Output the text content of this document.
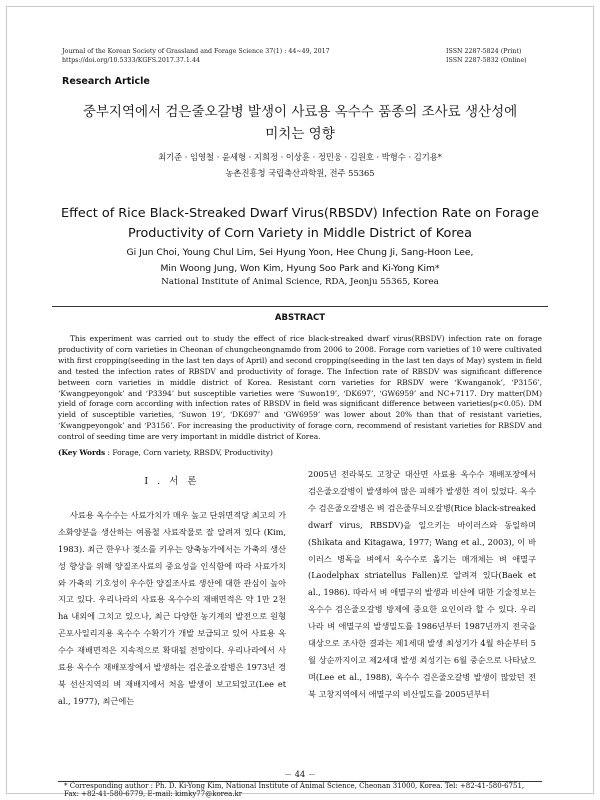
Journal of the Korean Society of Grassland and Forage Science 37(1) : 44~49, 2017
https://doi.org/10.5333/KGFS.2017.37.1.44
ISSN 2287-5824 (Print)
ISSN 2287-5832 (Online)
Research Article
중부지역에서 검은줄오갈병 발생이 사료용 옥수수 품종의 조사료 생산성에
미치는 영향
최기준 · 임영철 · 윤세형 · 지희정 · 이상훈 · 정민웅 · 김원호 · 박형수 · 김기용*
농촌진흥청 국립축산과학원, 전주 55365
Effect of Rice Black-Streaked Dwarf Virus(RBSDV) Infection Rate on Forage
Productivity of Corn Variety in Middle District of Korea
Gi Jun Choi, Young Chul Lim, Sei Hyung Yoon, Hee Chung Ji, Sang-Hoon Lee,
Min Woong Jung, Won Kim, Hyung Soo Park and Ki-Yong Kim*
National Institute of Animal Science, RDA, Jeonju 55365, Korea
ABSTRACT
This experiment was carried out to study the effect of rice black-streaked dwarf virus(RBSDV) infection rate on forage productivity of corn varieties in Cheonan of chungcheongnamdo from 2006 to 2008. Forage corn varieties of 10 were cultivated with first cropping(seeding in the last ten days of April) and second cropping(seeding in the last ten days of May) system in field and tested the infection rates of RBSDV and productivity of forage. The Infection rate of RBSDV was significant difference between corn varieties in middle district of Korea. Resistant corn varieties for RBSDV were ‘Kwanganok’, ‘P3156’, ‘Kwangpeyongok’ and ‘P3394’ but susceptible varieties were ‘Suwon19’, ‘DK697’, ‘GW6959’ and NC+7117. Dry matter(DM) yield of forage corn according with infection rates of RBSDV in field was significant difference between varieties(p<0.05). DM yield of susceptible varieties, ‘Suwon 19’, ‘DK697’ and ‘GW6959’ was lower about 20% than that of resistant varieties, ‘Kwangpeyongok’ and ‘P3156’. For increasing the productivity of forage corn, recommend of resistant varieties for RBSDV and control of seeding time are very important in middle district of Korea.
(Key Words : Forage, Corn variety, RBSDV, Productivity)
I . 서 론

사료용 옥수수는 사료가치가 매우 높고 단위면적당 최고의 가소화양분을 생산하는 여름철 사료작물로 잘 알려져 있다 (Kim, 1983). 최근 한우나 젖소를 키우는 양축농가에서는 가축의 생산성 향상을 위해 양질조사료의 중요성을 인식함에 따라 사료가치와 가축의 기호성이 우수한 양질조사료 생산에 대한 관심이 높아지고 있다. 우리나라의 사료용 옥수수의 재배면적은 약 1만 2천ha 내외에 그치고 있으나, 최근 다양한 농기계의 발전으로 원형곤포사일리지용 옥수수 수확기가 개발 보급되고 있어 사료용 옥수수 재배면적은 지속적으로 확대될 전망이다. 우리나라에서 사료용 옥수수 재배포장에서 발생하는 검은줄오갈병은 1973년 경북 선산지역의 벼 재배지에서 처음 발생이 보고되었고(Lee et al., 1977), 최근에는

2005년 전라북도 고창군 대산면 사료용 옥수수 재배포장에서 검은줄오갈병이 발생하여 많은 피해가 발생한 적이 있었다. 옥수수 검은줄오갈병은 벼 검은줄무늬오갈병(Rice black-streaked dwarf virus, RBSDV)을 일으키는 바이러스와 동일하며(Shikata and Kitagawa, 1977; Wang et al., 2003), 이 바이러스 병독을 벼에서 옥수수로 옮기는 매개체는 벼 애멸구(Laodelphax striatellus Fallen)로 알려져 있다(Baek et al., 1986). 따라서 벼 애멸구의 발생과 비산에 대한 기술정보는 옥수수 검은줄오갈병 방제에 중요한 요인이라 할 수 있다. 우리나라 벼 애멸구의 발생밀도를 1986년부터 1987년까지 전국을 대상으로 조사한 결과는 제1세대 발생 최성기가 4월 하순부터 5월 상순까지이고 제2세대 발생 최성기는 6월 중순으로 나타났으며(Lee et al., 1988), 옥수수 검은줄오갈병 발생이 많았던 전북 고창지역에서 애멸구의 비산밀도를 2005년부터

－ 44 －
* Corresponding author : Ph. D. Ki-Yong Kim, National Institute of Animal Science, Cheonan 31000, Korea. Tel: +82-41-580-6751, Fax: +82-41-580-6779, E-mail: kimky77@korea.kr
